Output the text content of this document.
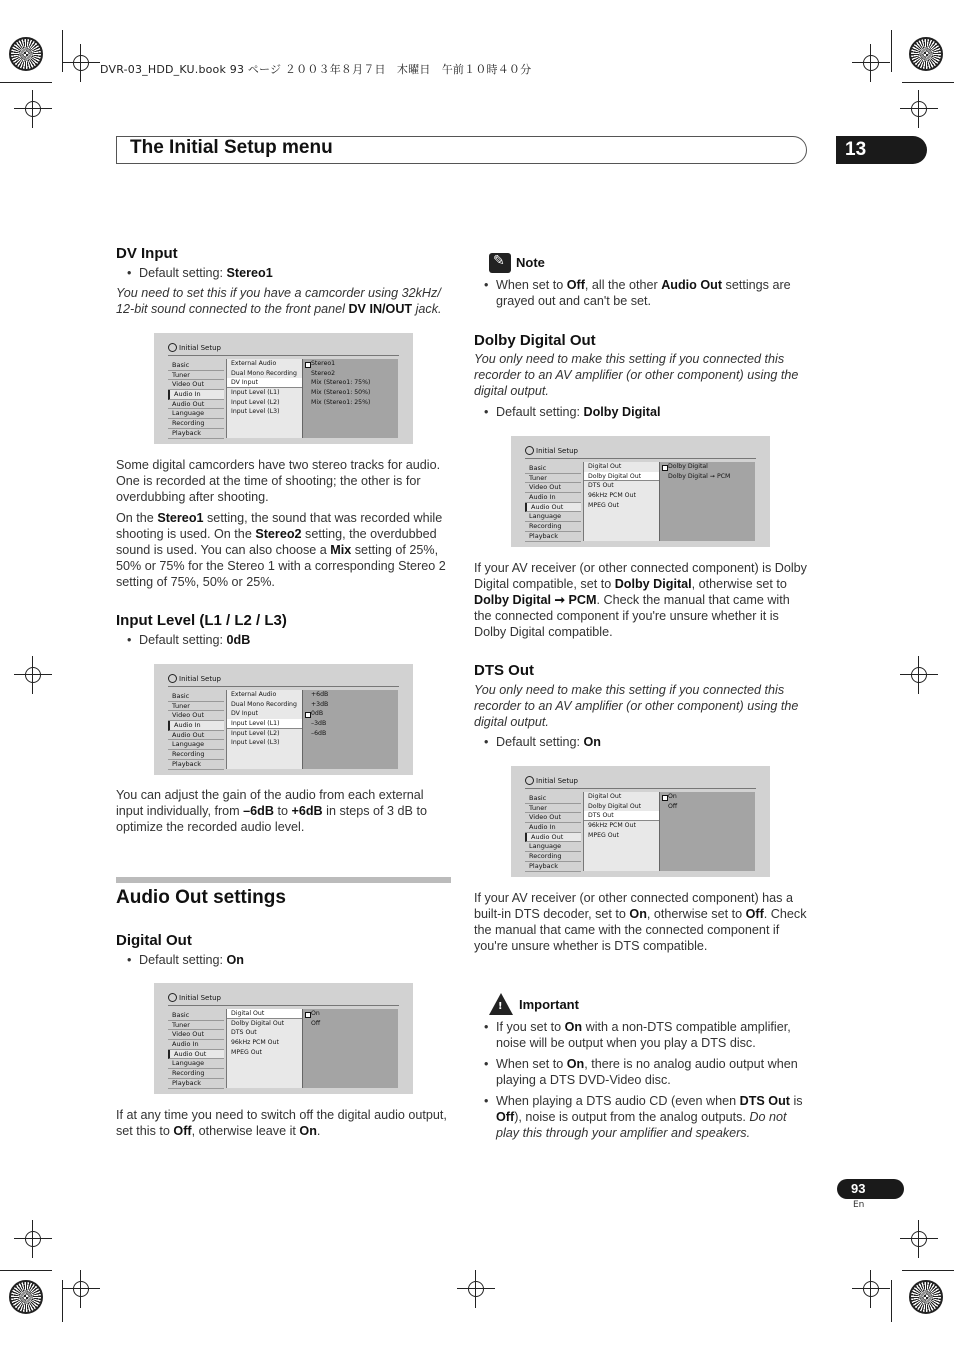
DVR-03_HDD_KU.book 93 ページ ２００３年８月７日　木曜日　午前１０時４０分
The Initial Setup menu	13
DV Input
• Default setting: Stereo1
You need to set this if you have a camcorder using 32kHz/ 12-bit sound connected to the front panel DV IN/OUT jack.
Initial Setup
Basic
Tuner
Video Out
Audio In
Audio Out
Language
Recording
Playback
External Audio
Dual Mono Recording
DV Input
Input Level (L1)
Input Level (L2)
Input Level (L3)
Stereo1
Stereo2
Mix (Stereo1: 75%)
Mix (Stereo1: 50%)
Mix (Stereo1: 25%)
Some digital camcorders have two stereo tracks for audio. One is recorded at the time of shooting; the other is for overdubbing after shooting.
On the Stereo1 setting, the sound that was recorded while shooting is used. On the Stereo2 setting, the overdubbed sound is used. You can also choose a Mix setting of 25%, 50% or 75% for the Stereo 1 with a corresponding Stereo 2 setting of 75%, 50% or 25%.
Input Level (L1 / L2 / L3)
• Default setting: 0dB
Initial Setup
Basic
Tuner
Video Out
Audio In
Audio Out
Language
Recording
Playback
External Audio
Dual Mono Recording
DV Input
Input Level (L1)
Input Level (L2)
Input Level (L3)
+6dB
+3dB
0dB
–3dB
–6dB
You can adjust the gain of the audio from each external input individually, from –6dB to +6dB in steps of 3 dB to optimize the recorded audio level.
Audio Out settings
Digital Out
• Default setting: On
Initial Setup
Basic
Tuner
Video Out
Audio In
Audio Out
Language
Recording
Playback
Digital Out
Dolby Digital Out
DTS Out
96kHz PCM Out
MPEG Out
On
Off
If at any time you need to switch off the digital audio output, set this to Off, otherwise leave it On.
✎
Note
• When set to Off, all the other Audio Out settings are grayed out and can't be set.
Dolby Digital Out
You only need to make this setting if you connected this recorder to an AV amplifier (or other component) using the digital output.
• Default setting: Dolby Digital
Initial Setup
Basic
Tuner
Video Out
Audio In
Audio Out
Language
Recording
Playback
Digital Out
Dolby Digital Out
DTS Out
96kHz PCM Out
MPEG Out
Dolby Digital
Dolby Digital ➞ PCM
If your AV receiver (or other connected component) is Dolby Digital compatible, set to Dolby Digital, otherwise set to Dolby Digital ➞ PCM. Check the manual that came with the connected component if you're unsure whether it is Dolby Digital compatible.
DTS Out
You only need to make this setting if you connected this recorder to an AV amplifier (or other component) using the digital output.
• Default setting: On
Initial Setup
Basic
Tuner
Video Out
Audio In
Audio Out
Language
Recording
Playback
Digital Out
Dolby Digital Out
DTS Out
96kHz PCM Out
MPEG Out
On
Off
If your AV receiver (or other connected component) has a built-in DTS decoder, set to On, otherwise set to Off. Check the manual that came with the connected component if you're unsure whether is DTS compatible.
! Important
• If you set to On with a non-DTS compatible amplifier, noise will be output when you play a DTS disc.
• When set to On, there is no analog audio output when playing a DTS DVD-Video disc.
• When playing a DTS audio CD (even when DTS Out is Off), noise is output from the analog outputs. Do not play this through your amplifier and speakers.
93
En
